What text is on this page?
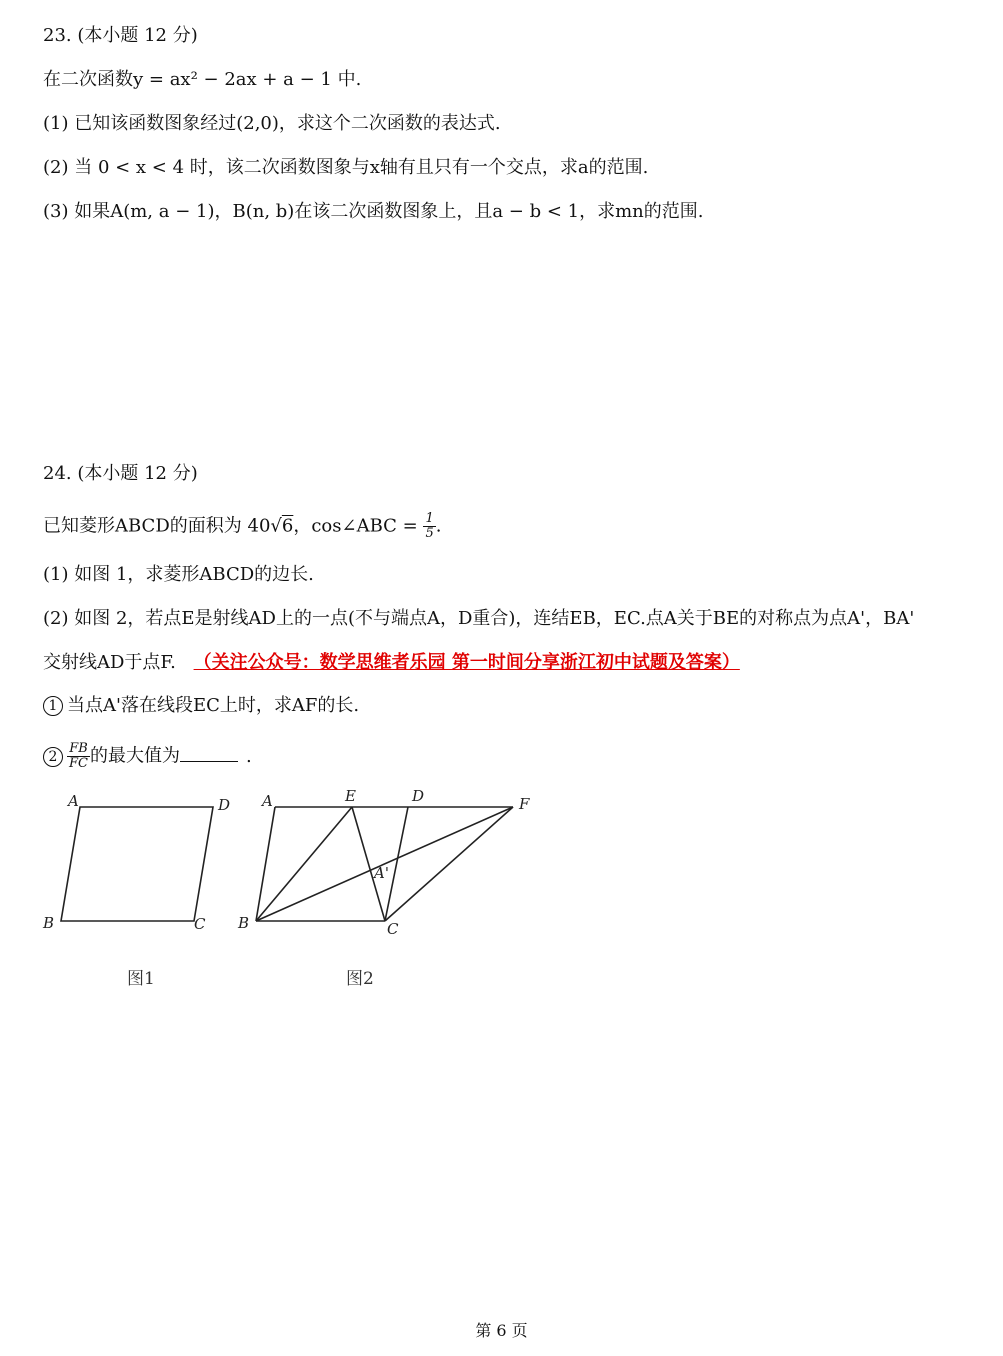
23. (本小题 12 分)
在二次函数y = ax² − 2ax + a − 1 中.
(1) 已知该函数图象经过(2,0)，求这个二次函数的表达式.
(2) 当 0 < x < 4 时，该二次函数图象与x轴有且只有一个交点，求a的范围.
(3) 如果A(m, a − 1)，B(n, b)在该二次函数图象上，且a − b < 1，求mn的范围.
24. (本小题 12 分)
已知菱形ABCD的面积为 40√6，cos∠ABC = $\frac{1}{5}$ .
(1) 如图 1，求菱形ABCD的边长.
(2) 如图 2，若点E是射线AD上的一点(不与端点A，D重合)，连结EB，EC.点A关于BE的对称点为点A'，BA'
交射线AD于点F. （关注公众号：数学思维者乐园 第一时间分享浙江初中试题及答案）
1 当点A'落在线段EC上时，求AF的长.
$2 \frac{FB}{FC}$ 的最大值为	.
A	D
B	C
A	E	D	F
A'
B	C
图1	图2
第 6 页
